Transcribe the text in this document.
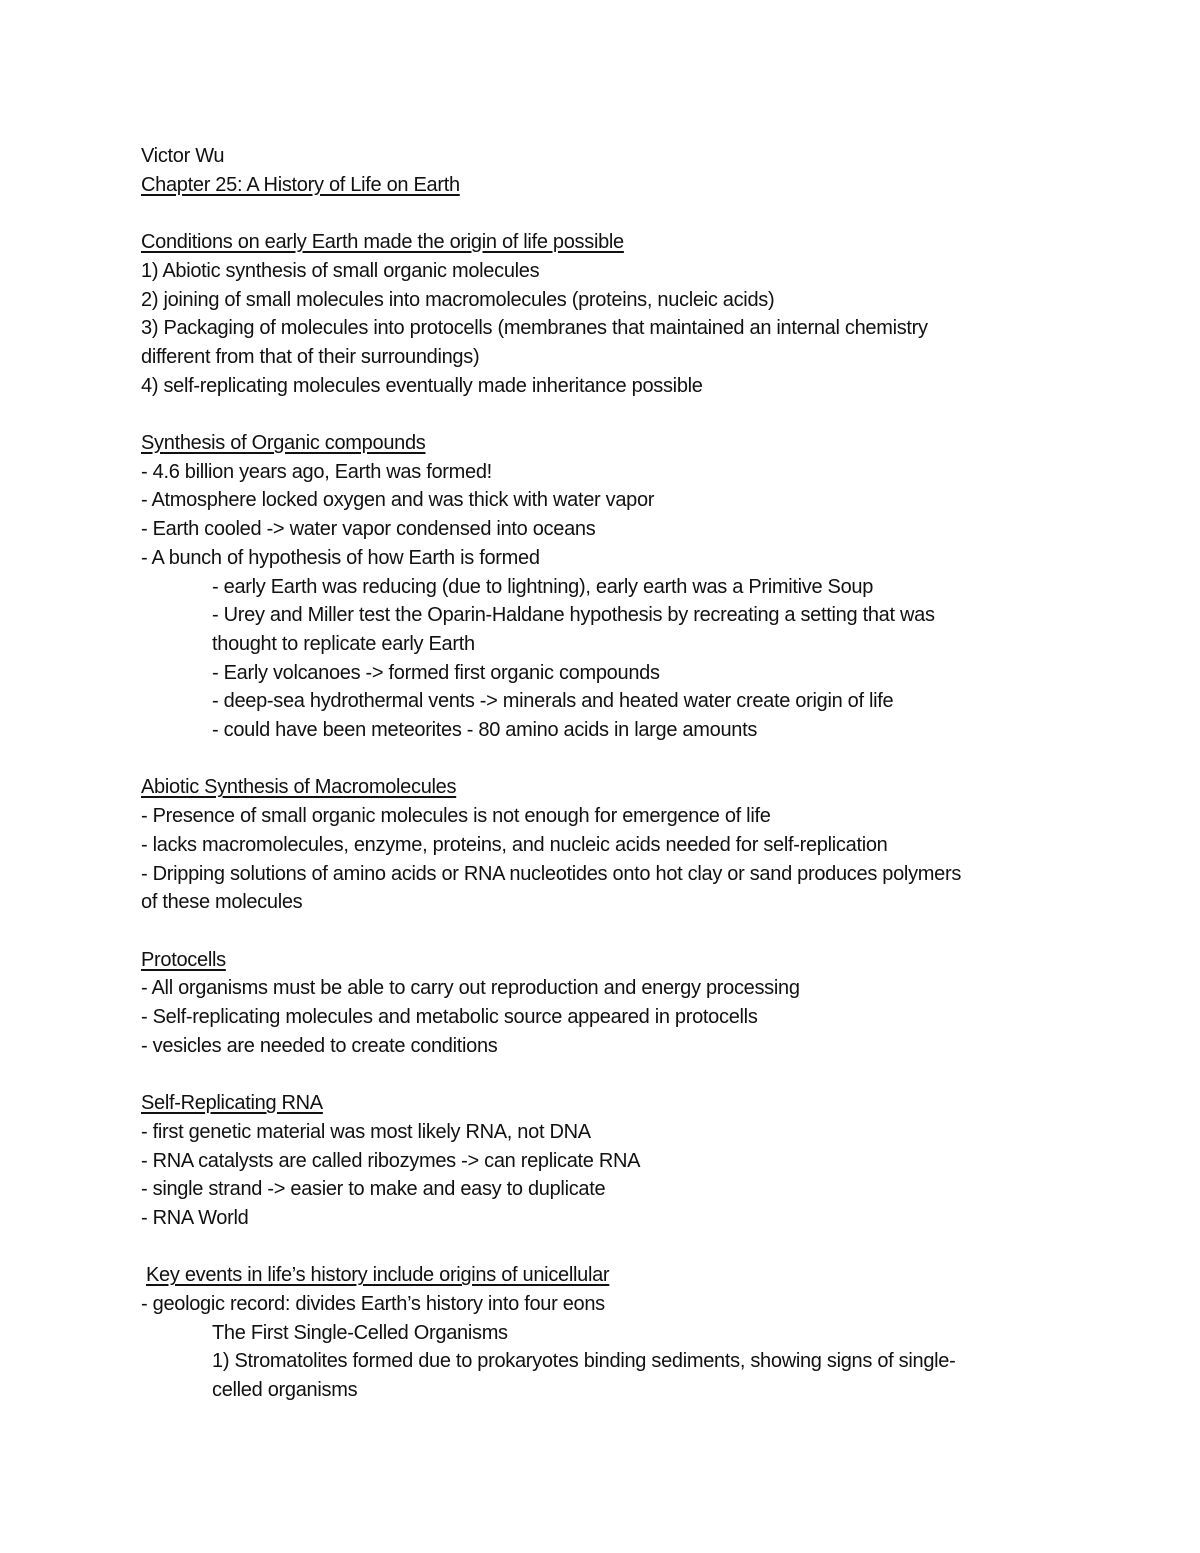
Victor Wu
Chapter 25: A History of Life on Earth
Conditions on early Earth made the origin of life possible
1) Abiotic synthesis of small organic molecules
2) joining of small molecules into macromolecules (proteins, nucleic acids)
3) Packaging of molecules into protocells (membranes that maintained an internal chemistry
different from that of their surroundings)
4) self-replicating molecules eventually made inheritance possible
Synthesis of Organic compounds
- 4.6 billion years ago, Earth was formed!
- Atmosphere locked oxygen and was thick with water vapor
- Earth cooled -> water vapor condensed into oceans
- A bunch of hypothesis of how Earth is formed
- early Earth was reducing (due to lightning), early earth was a Primitive Soup
- Urey and Miller test the Oparin-Haldane hypothesis by recreating a setting that was
thought to replicate early Earth
- Early volcanoes -> formed first organic compounds
- deep-sea hydrothermal vents -> minerals and heated water create origin of life
- could have been meteorites - 80 amino acids in large amounts
Abiotic Synthesis of Macromolecules
- Presence of small organic molecules is not enough for emergence of life
- lacks macromolecules, enzyme, proteins, and nucleic acids needed for self-replication
- Dripping solutions of amino acids or RNA nucleotides onto hot clay or sand produces polymers
of these molecules
Protocells
- All organisms must be able to carry out reproduction and energy processing
- Self-replicating molecules and metabolic source appeared in protocells
- vesicles are needed to create conditions
Self-Replicating RNA
- first genetic material was most likely RNA, not DNA
- RNA catalysts are called ribozymes -> can replicate RNA
- single strand -> easier to make and easy to duplicate
- RNA World
Key events in life’s history include origins of unicellular
- geologic record: divides Earth’s history into four eons
The First Single-Celled Organisms
1) Stromatolites formed due to prokaryotes binding sediments, showing signs of single-
celled organisms
